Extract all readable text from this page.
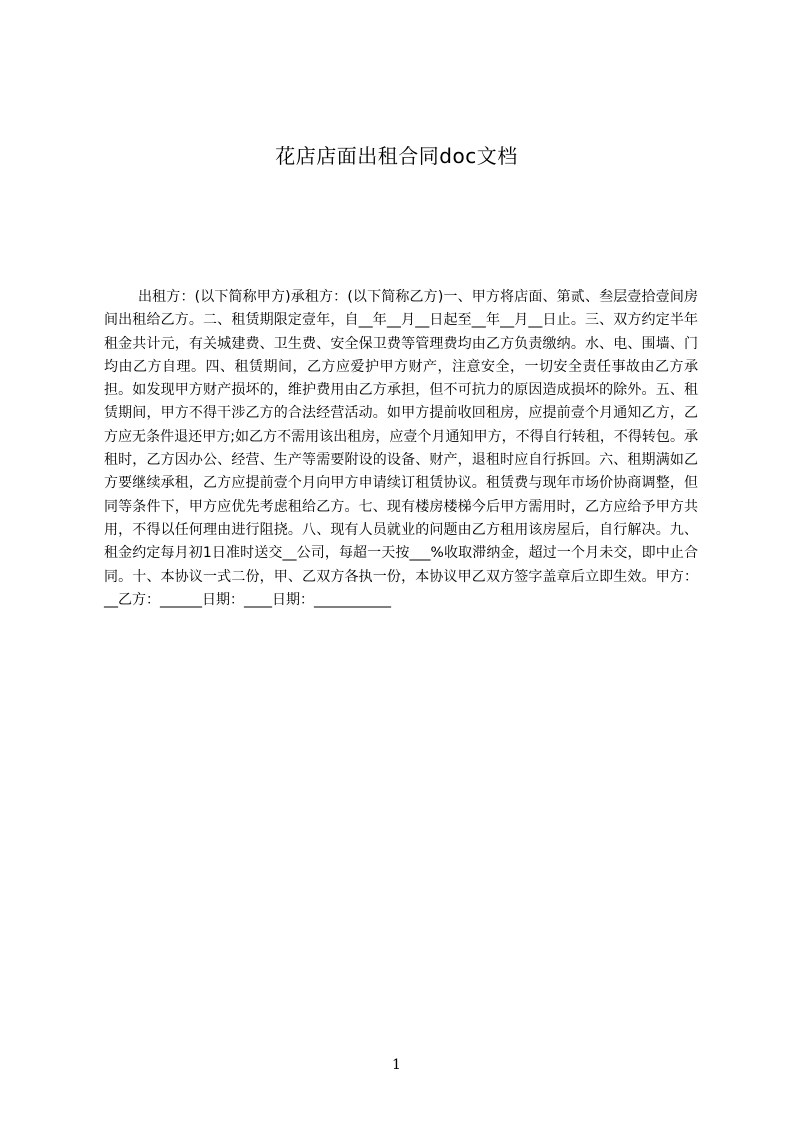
花店店面出租合同doc文档

出租方：(以下简称甲方)承租方：(以下简称乙方)一、甲方将店面、第贰、叁层壹拾壹间房间出租给乙方。二、租赁期限定壹年，自__年__月__日起至__年__月__日止。三、双方约定半年租金共计元，有关城建费、卫生费、安全保卫费等管理费均由乙方负责缴纳。水、电、围墙、门均由乙方自理。四、租赁期间，乙方应爱护甲方财产，注意安全，一切安全责任事故由乙方承担。如发现甲方财产损坏的，维护费用由乙方承担，但不可抗力的原因造成损坏的除外。五、租赁期间，甲方不得干涉乙方的合法经营活动。如甲方提前收回租房，应提前壹个月通知乙方，乙方应无条件退还甲方;如乙方不需用该出租房，应壹个月通知甲方，不得自行转租，不得转包。承租时，乙方因办公、经营、生产等需要附设的设备、财产，退租时应自行拆回。六、租期满如乙方要继续承租，乙方应提前壹个月向甲方申请续订租赁协议。租赁费与现年市场价协商调整，但同等条件下，甲方应优先考虑租给乙方。七、现有楼房楼梯今后甲方需用时，乙方应给予甲方共用，不得以任何理由进行阻挠。八、现有人员就业的问题由乙方租用该房屋后，自行解决。九、租金约定每月初1日准时送交__公司，每超一天按___%收取滞纳金，超过一个月未交，即中止合同。十、本协议一式二份，甲、乙双方各执一份，本协议甲乙双方签字盖章后立即生效。甲方：__乙方：______日期：____日期：___________

1
